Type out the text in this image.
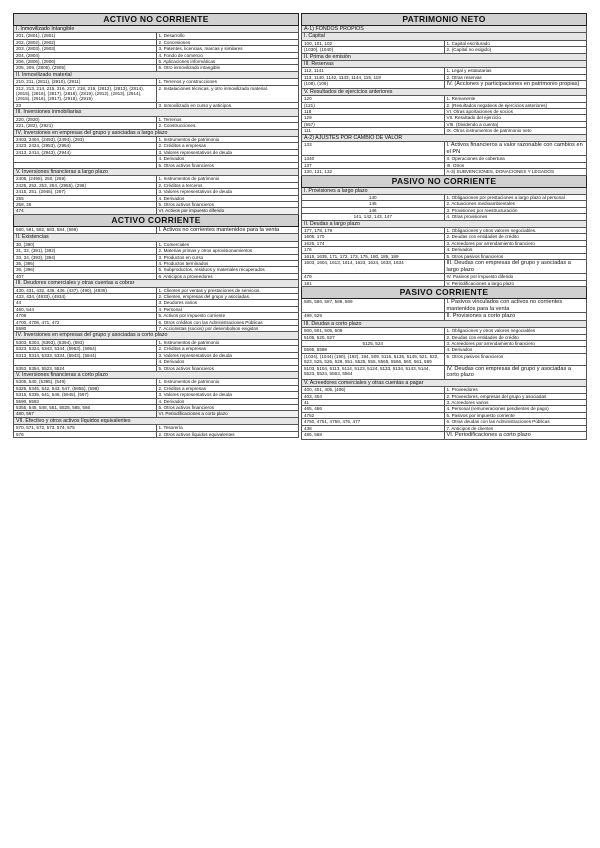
ACTIVO NO CORRIENTE	
I. Inmovilizado Intangible	
201, (2801), (2901)	1. Desarrollo
202, (2802), (2902)	2. Concesiones
203, (2803), (2903)	3. Patentes, licencias, marcas y similares
204, (2904)	4. Fondo de comercio
206, (2806), (2906)	5. Aplicaciones informáticas
205, 209, (2805), (2905)	6. Otro inmovilizado intangible
II. Inmovilizado material	
210, 211, (2811), (2910), (2911)	1. Terrenos y construcciones
212, 213, 214, 215, 216, 217, 218, 219, (2812), (2813), (2814), (2815), (2816), (2817), (2818), (2819), (2912), (2913), (2914), (2915), (2916), (2917), (2918), (2919)	2. Instalaciones técnicas, y otro inmovilizado material.
23	3. Inmovilizado en curso y anticipos.
III. Inversiones inmobiliarias	
220, (2920)	1. Terrenos
221, (282), (2921)	2. Construcciones.
IV. Inversiones en empresas del grupo y asociadas a largo plazo	
2403, 2404, (2493), (2494), (293)	1. Instrumentos de patrimonio
2423, 2424, (2953), (2954)	2. Créditos a empresas
2413, 2414, (2943), (2944)	3. Valores representativos de deuda
	4. Derivados
	5. Otros activos financieros
V. Inversiones financieras a largo plazo	
2405, (2495), 250, (259)	1. Instrumentos de patrimonio
2425, 252, 253, 254, (2955), (298)	2. Créditos a terceros
2415, 251, (2945), (297)	3. Valores representativos de deuda
255	4. Derivados
258, 26	5. Otros activos financieros
474	VI. Activos por impuesto diferido
ACTIVO CORRIENTE	
580, 581, 582, 583, 584, (599)	I. Activos no corrientes mantenidos para la venta
II. Existencias	
30, (390)	1. Comerciales
31, 32, (391), (392)	2. Materias primas y otros aprovisionamientos
33, 34, (393), (394)	3. Productos en curso
35, (395)	4. Productos terminados
36, (396)	5. Subproductos, residuos y materiales recuperados
407	6. Anticipos a proveedores
III. Deudores comerciales y otras cuentas a cobrar	
430, 431, 432, 435, 436, (437), (490), (4935)	1. Clientes por ventas y prestaciones de servicios.
433, 434, (4933), (4934)	2. Clientes, empresas del grupo y asociadas.
44	3. Deudores varios
460, 544	4. Personal
4709	5. Activos por impuesto corriente
4700, 4708, 471, 472	6. Otros créditos con las Administraciones Públicas
5580	7. Accionistas (socios) por desembolsos exigidos
IV. Inversiones en empresas del grupo y asociadas a corto plazo	
5303, 5304, (5393), (5394), (593)	1. Instrumentos de patrimonio
5323, 5324, 5343, 5344, (5953), (5954)	2. Créditos a empresas
5313, 5314, 5333, 5334, (5943), (5944)	3. Valores representativos de deuda
	4. Derivados
5353, 5354, 5523, 5524	5. Otros activos financieros
V. Inversiones financieras a corto plazo	
5305, 540, (5395), (549)	1. Instrumentos de patrimonio
5325, 5345, 542, 543, 547, (5955), (598)	2. Créditos a empresas
5315, 5335, 541, 546, (5945), (597)	3. Valores representativos de deuda
5590, 5593	4. Derivados
5355, 545, 548, 551, 5525, 565, 566	5. Otros activos financieros
480, 567	VI. Periodificaciones a corto plazo
VII. Efectivo y otros activos líquidos equivalentes	
570, 571, 572, 573, 574, 575	1. Tesorería
576	2. Otros activos líquidos equivalentes
PATRIMONIO NETO	
A-1) FONDOS PROPIOS	
I. Capital	
100, 101, 102	1. Capital escriturado
(1030), (1040)	2. (Capital no exigido)
II. Prima de emisión	
III. Reservas	
112, 1141	1. Legal y estatutarias
113, 1140, 1142, 1143, 1144, 115, 119	2. Otras reservas
(108), (109)	IV. (Acciones y participaciones en patrimonio propias)
V. Resultados de ejercicios anteriores	
120	1. Remanente
(121)	2. (Resultados negativos de ejercicios anteriores)
118	VI. Otras aportaciones de socios
129	VII. Resultado del ejercicio
(557)	VIII. (Dividendo a cuenta)
111	IX. Otros instrumentos de patrimonio neto
A-2) AJUSTES POR CAMBIO DE VALOR	
133	I. Activos financieros a valor razonable con cambios en el PN
1340	II. Operaciones de cobertura
137	III. Otros
130, 131, 132	A-3) SUBVENCIONES, DONACIONES Y LEGADOS
PASIVO NO CORRIENTE	
I. Provisiones a largo plazo	
140	1. Obligaciones por prestaciones a largo plazo al personal
145	2. Actuaciones medioambientales
146	3. Provisiones por reestructuración
141, 142, 143, 147	4. Otras provisiones
II. Deudas a largo plazo	
177, 178, 179	1. Obligaciones y otros valores negociables.
1605, 170	2. Deudas con entidades de crédito
1625, 174	3. Acreedores por arrendamiento financiero
176	4. Derivados
1615, 1635, 171, 172, 173, 175, 180, 185, 189	5. Otros pasivos financieros
1603, 1604, 1613, 1614, 1623, 1624, 1633, 1634	III. Deudas con empresas del grupo y asociadas a largo plazo
479	IV. Pasivos por impuesto diferido
181	V. Periodificaciones a largo plazo
PASIVO CORRIENTE	
585, 586, 587, 588, 589	I. Pasivos vinculados con activos no corrientes mantenidos para la venta
499, 529	II. Provisiones a corto plazo
III. Deudas a corto plazo	
500, 501, 505, 506	1. Obligaciones y otros valores negociables
5105, 520, 527	2. Deudas con entidades de crédito
5125, 524	3. Acreedores por arrendamiento financiero
5595, 5598	4. Derivados
(1034), (1044) (190), (192), 194, 509, 5115, 5135, 5145, 521, 522, 523, 525, 526, 528, 551, 5525, 555, 5565, 5566, 560, 561, 569	5. Otros pasivos financieros
5103, 5104, 5113, 5114, 5123, 5124, 5133, 5134, 5143, 5144, 5523, 5524, 5563, 5564	IV. Deudas con empresas del grupo y asociadas a corto plazo
V. Acreedores comerciales y otras cuentas a pagar	
400, 401, 405, (406)	1. Proveedores
403, 404	2. Proveedores, empresas del grupo y asociadas
41	3. Acreedores varios
465, 466	4. Personal (remuneraciones pendientes de pago)
4752	5. Pasivos por impuesto corriente
4750, 4751, 4758, 476, 477	6. Otras deudas con las Administraciones Públicas
438	7. Anticipos de clientes
485, 568	VI. Periodificaciones a corto plazo
